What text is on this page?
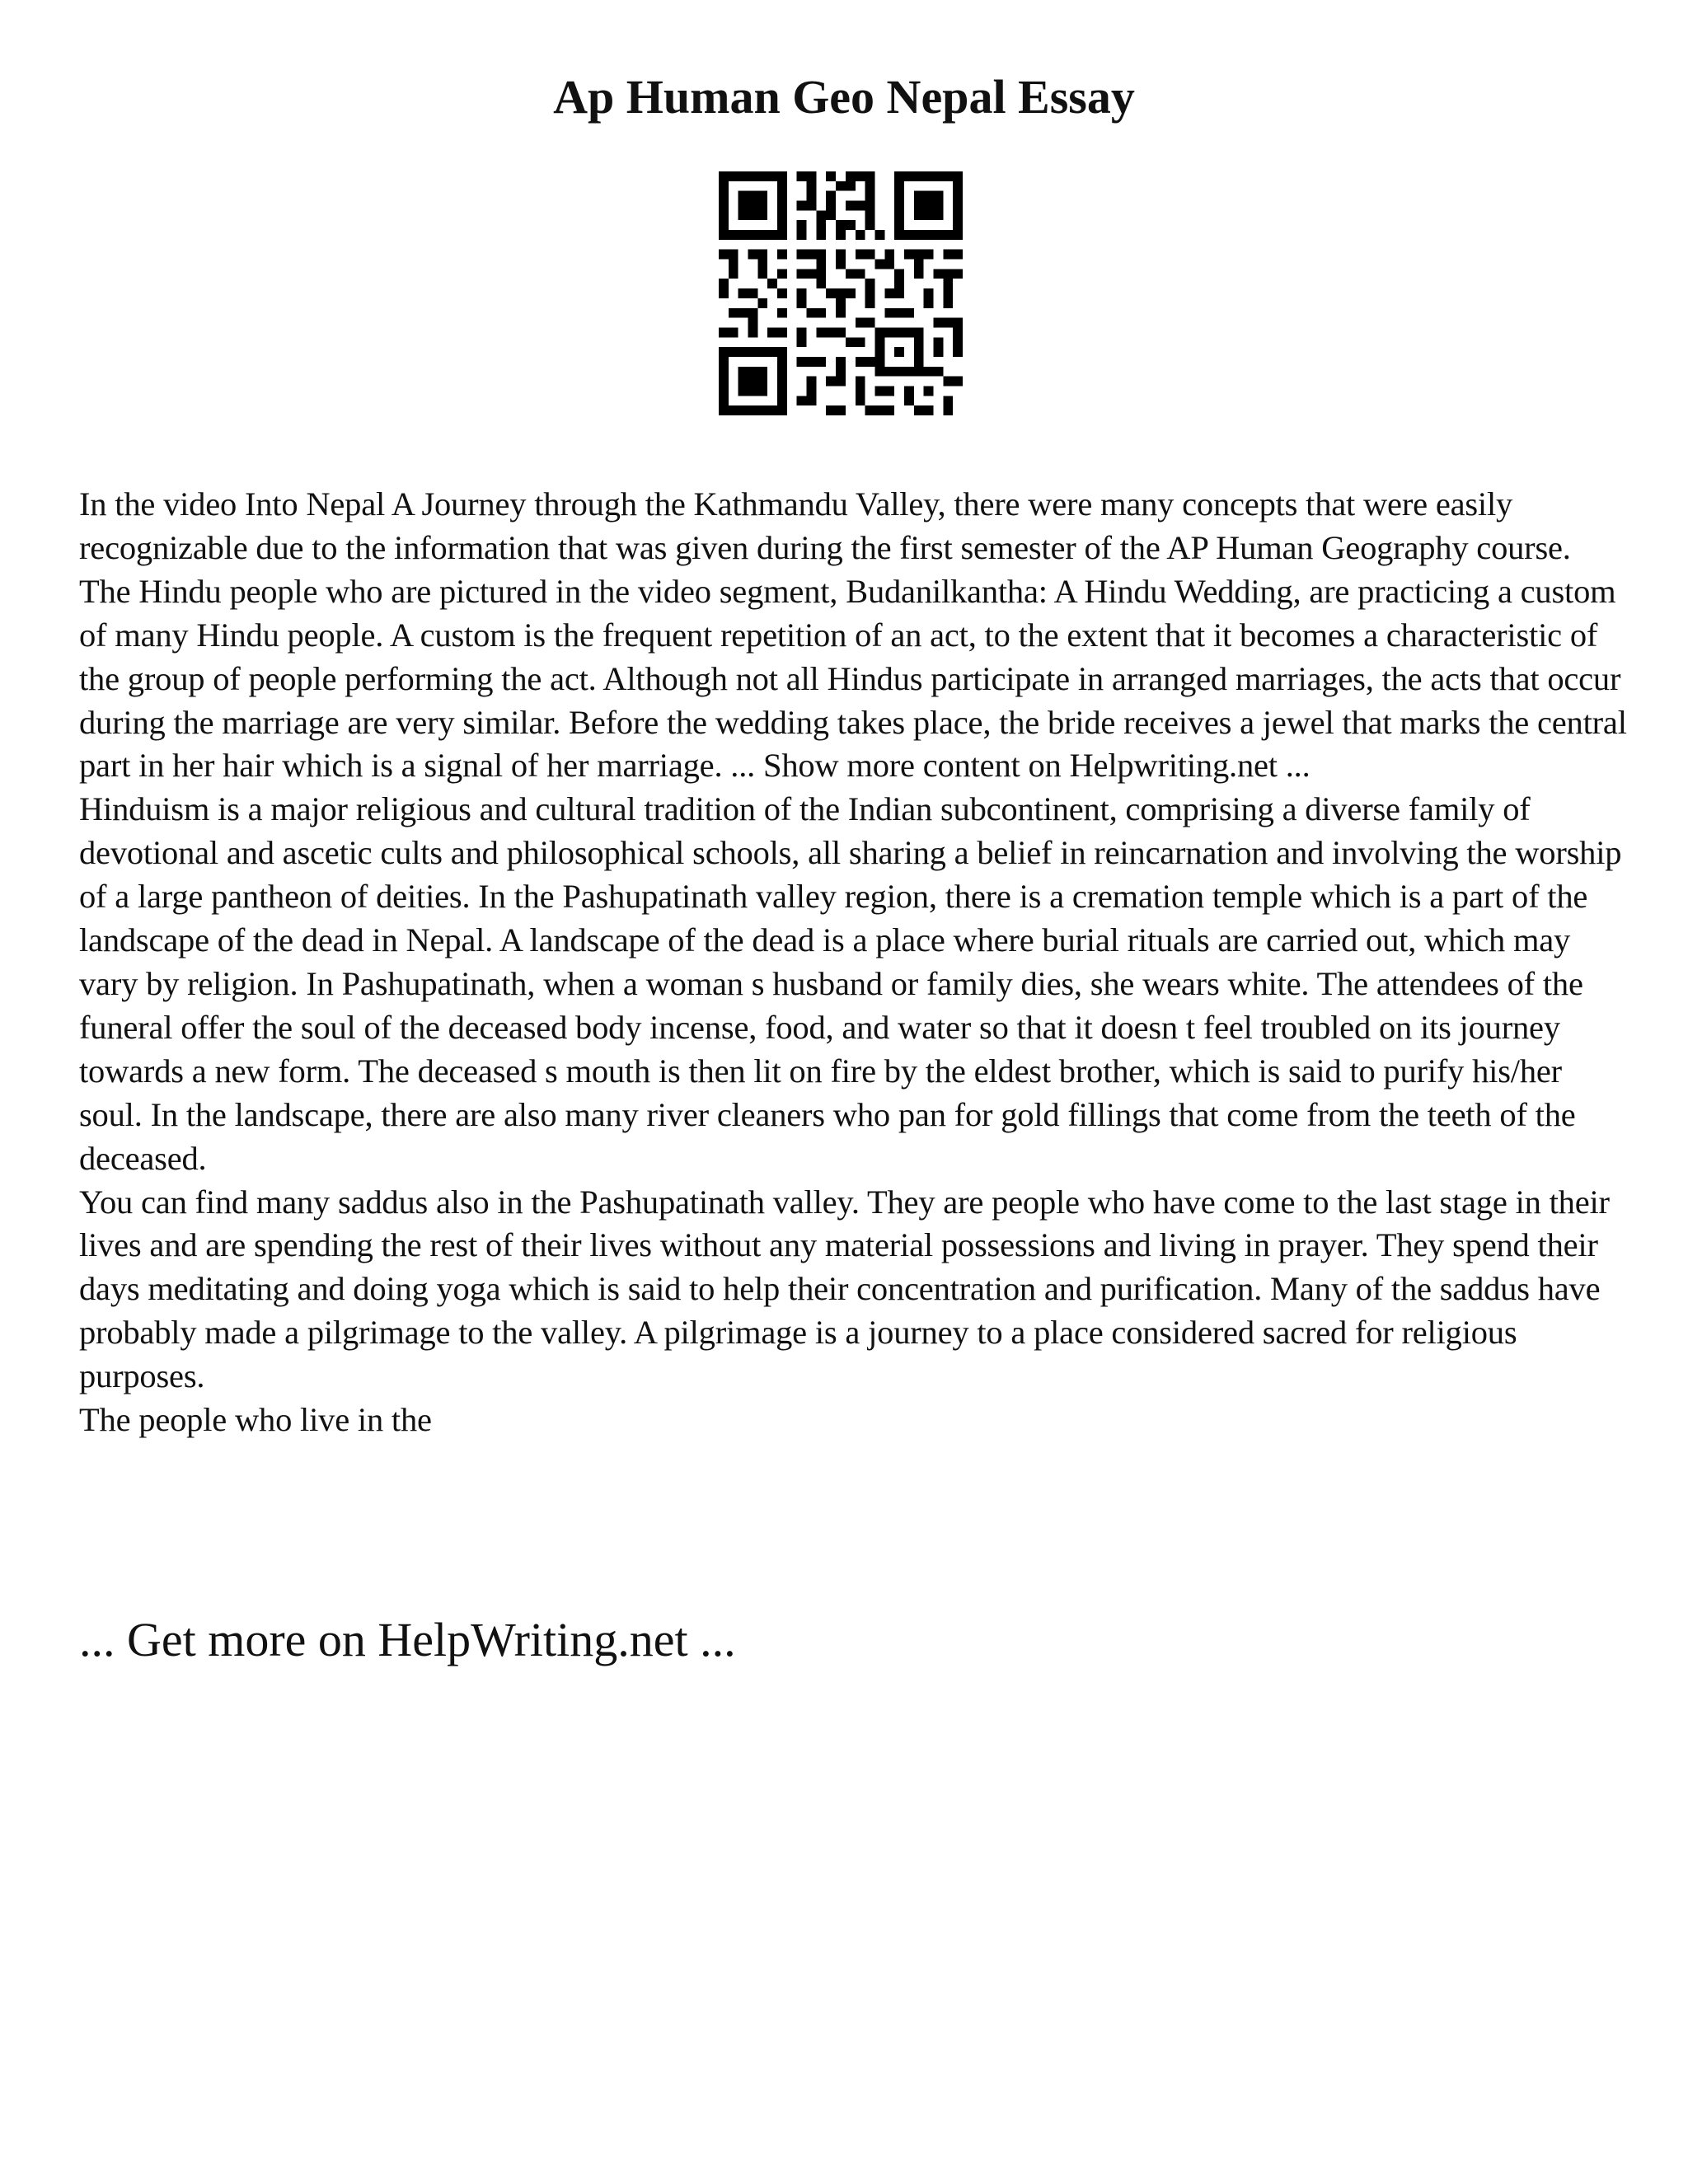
Ap Human Geo Nepal Essay

In the video Into Nepal A Journey through the Kathmandu Valley, there were many concepts that were easily recognizable due to the information that was given during the first semester of the AP Human Geography course.

The Hindu people who are pictured in the video segment, Budanilkantha: A Hindu Wedding, are practicing a custom of many Hindu people. A custom is the frequent repetition of an act, to the extent that it becomes a characteristic of the group of people performing the act. Although not all Hindus participate in arranged marriages, the acts that occur during the marriage are very similar. Before the wedding takes place, the bride receives a jewel that marks the central part in her hair which is a signal of her marriage. ... Show more content on Helpwriting.net ...

Hinduism is a major religious and cultural tradition of the Indian subcontinent, comprising a diverse family of devotional and ascetic cults and philosophical schools, all sharing a belief in reincarnation and involving the worship of a large pantheon of deities. In the Pashupatinath valley region, there is a cremation temple which is a part of the landscape of the dead in Nepal. A landscape of the dead is a place where burial rituals are carried out, which may vary by religion. In Pashupatinath, when a woman s husband or family dies, she wears white. The attendees of the funeral offer the soul of the deceased body incense, food, and water so that it doesn t feel troubled on its journey towards a new form. The deceased s mouth is then lit on fire by the eldest brother, which is said to purify his/her soul. In the landscape, there are also many river cleaners who pan for gold fillings that come from the teeth of the deceased.

You can find many saddus also in the Pashupatinath valley. They are people who have come to the last stage in their lives and are spending the rest of their lives without any material possessions and living in prayer. They spend their days meditating and doing yoga which is said to help their concentration and purification. Many of the saddus have probably made a pilgrimage to the valley. A pilgrimage is a journey to a place considered sacred for religious purposes.

The people who live in the

... Get more on HelpWriting.net ...
